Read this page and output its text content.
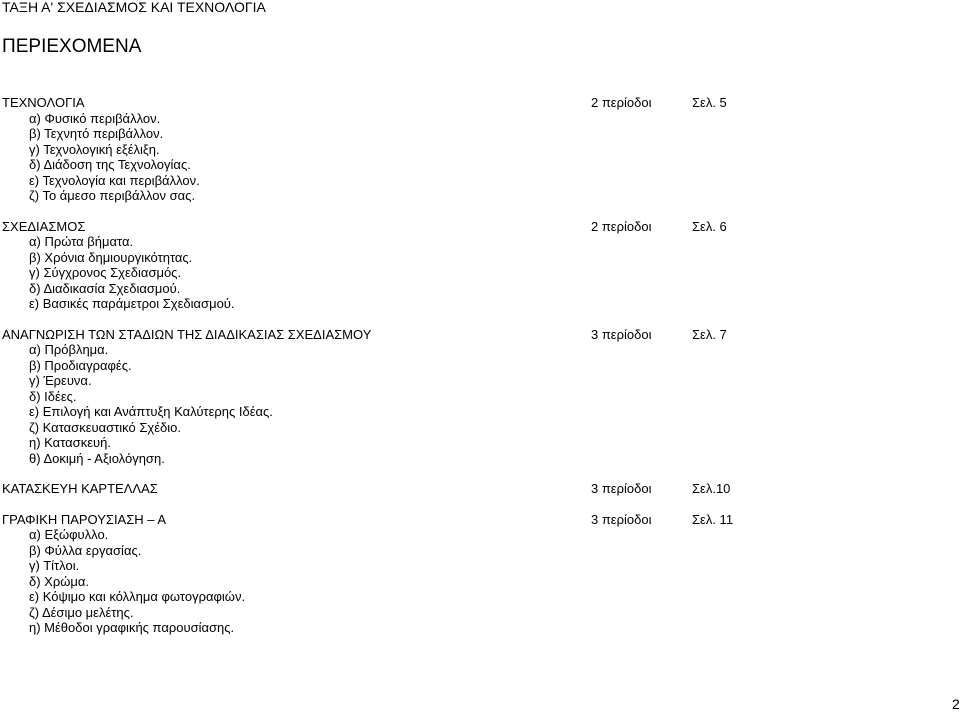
ΤΑΞΗ Α' ΣΧΕΔΙΑΣΜΟΣ ΚΑΙ ΤΕΧΝΟΛΟΓΙΑ
ΠΕΡΙΕΧΟΜΕΝΑ
ΤΕΧΝΟΛΟΓΙΑ	2 περίοδοι	Σελ. 5
α) Φυσικό περιβάλλον.
β) Τεχνητό περιβάλλον.
γ) Τεχνολογική εξέλιξη.
δ) Διάδοση της Τεχνολογίας.
ε) Τεχνολογία και περιβάλλον.
ζ) Το άμεσο περιβάλλον σας.
ΣΧΕΔΙΑΣΜΟΣ	2 περίοδοι	Σελ. 6
α) Πρώτα βήματα.
β) Χρόνια δημιουργικότητας.
γ) Σύγχρονος Σχεδιασμός.
δ) Διαδικασία Σχεδιασμού.
ε) Βασικές παράμετροι Σχεδιασμού.
ΑΝΑΓΝΩΡΙΣΗ ΤΩΝ ΣΤΑΔΙΩΝ ΤΗΣ ΔΙΑΔΙΚΑΣΙΑΣ ΣΧΕΔΙΑΣΜΟΥ	3 περίοδοι	Σελ. 7
α) Πρόβλημα.
β) Προδιαγραφές.
γ) Έρευνα.
δ) Ιδέες.
ε) Επιλογή και Ανάπτυξη Καλύτερης Ιδέας.
ζ) Κατασκευαστικό Σχέδιο.
η) Κατασκευή.
θ) Δοκιμή - Αξιολόγηση.
ΚΑΤΑΣΚΕΥΗ ΚΑΡΤΕΛΛΑΣ	3 περίοδοι	Σελ.10
ΓΡΑΦΙΚΗ ΠΑΡΟΥΣΙΑΣΗ – Α	3 περίοδοι	Σελ. 11
α) Εξώφυλλο.
β) Φύλλα εργασίας.
γ) Τίτλοι.
δ) Χρώμα.
ε) Κόψιμο και κόλλημα φωτογραφιών.
ζ) Δέσιμο μελέτης.
η) Μέθοδοι γραφικής παρουσίασης.
2
